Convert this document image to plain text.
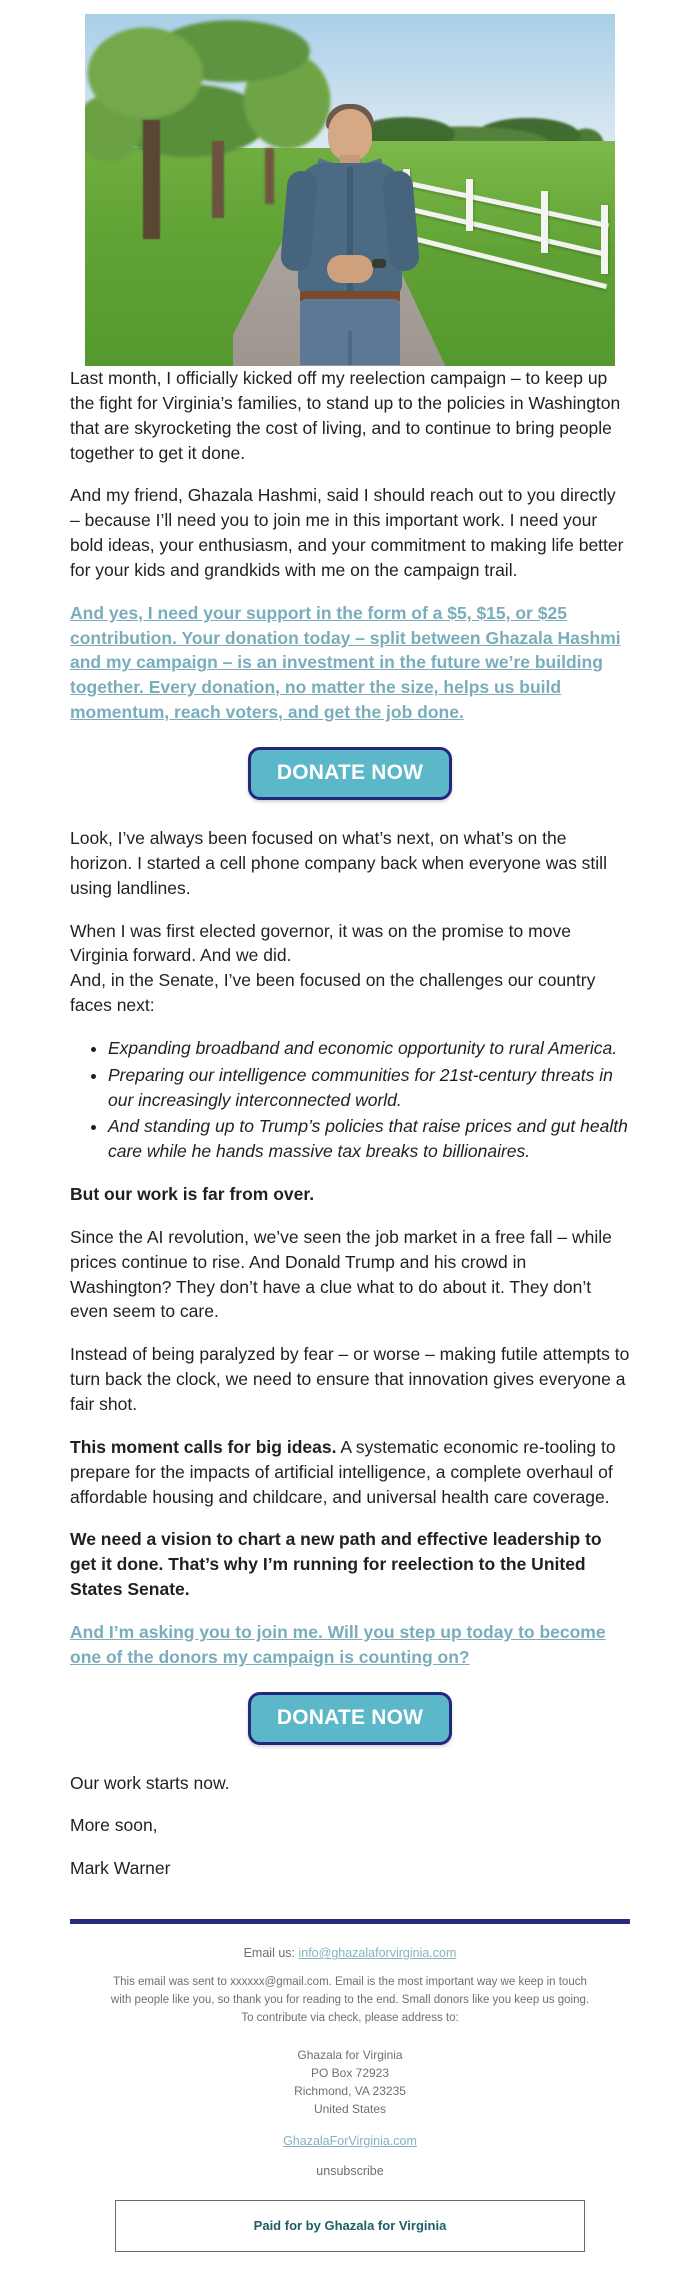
Last month, I officially kicked off my reelection campaign – to keep up the fight for Virginia’s families, to stand up to the policies in Washington that are skyrocketing the cost of living, and to continue to bring people together to get it done.

And my friend, Ghazala Hashmi, said I should reach out to you directly – because I’ll need you to join me in this important work. I need your bold ideas, your enthusiasm, and your commitment to making life better for your kids and grandkids with me on the campaign trail.

And yes, I need your support in the form of a $5, $15, or $25 contribution. Your donation today – split between Ghazala Hashmi and my campaign – is an investment in the future we’re building together. Every donation, no matter the size, helps us build momentum, reach voters, and get the job done.

DONATE NOW

Look, I’ve always been focused on what’s next, on what’s on the horizon. I started a cell phone company back when everyone was still using landlines.

When I was first elected governor, it was on the promise to move Virginia forward. And we did.

And, in the Senate, I’ve been focused on the challenges our country faces next:

• Expanding broadband and economic opportunity to rural America.
• Preparing our intelligence communities for 21st-century threats in our increasingly interconnected world.
• And standing up to Trump’s policies that raise prices and gut health care while he hands massive tax breaks to billionaires.

But our work is far from over.

Since the AI revolution, we’ve seen the job market in a free fall – while prices continue to rise. And Donald Trump and his crowd in Washington? They don’t have a clue what to do about it. They don’t even seem to care.

Instead of being paralyzed by fear – or worse – making futile attempts to turn back the clock, we need to ensure that innovation gives everyone a fair shot.

This moment calls for big ideas. A systematic economic re-tooling to prepare for the impacts of artificial intelligence, a complete overhaul of affordable housing and childcare, and universal health care coverage.

We need a vision to chart a new path and effective leadership to get it done. That’s why I’m running for reelection to the United States Senate.

And I’m asking you to join me. Will you step up today to become one of the donors my campaign is counting on?

DONATE NOW

Our work starts now.

More soon,

Mark Warner

Email us: info@ghazalaforvirginia.com

This email was sent to xxxxxx@gmail.com. Email is the most important way we keep in touch with people like you, so thank you for reading to the end. Small donors like you keep us going. To contribute via check, please address to:

Ghazala for Virginia
PO Box 72923
Richmond, VA 23235
United States

GhazalaForVirginia.com

unsubscribe

Paid for by Ghazala for Virginia
